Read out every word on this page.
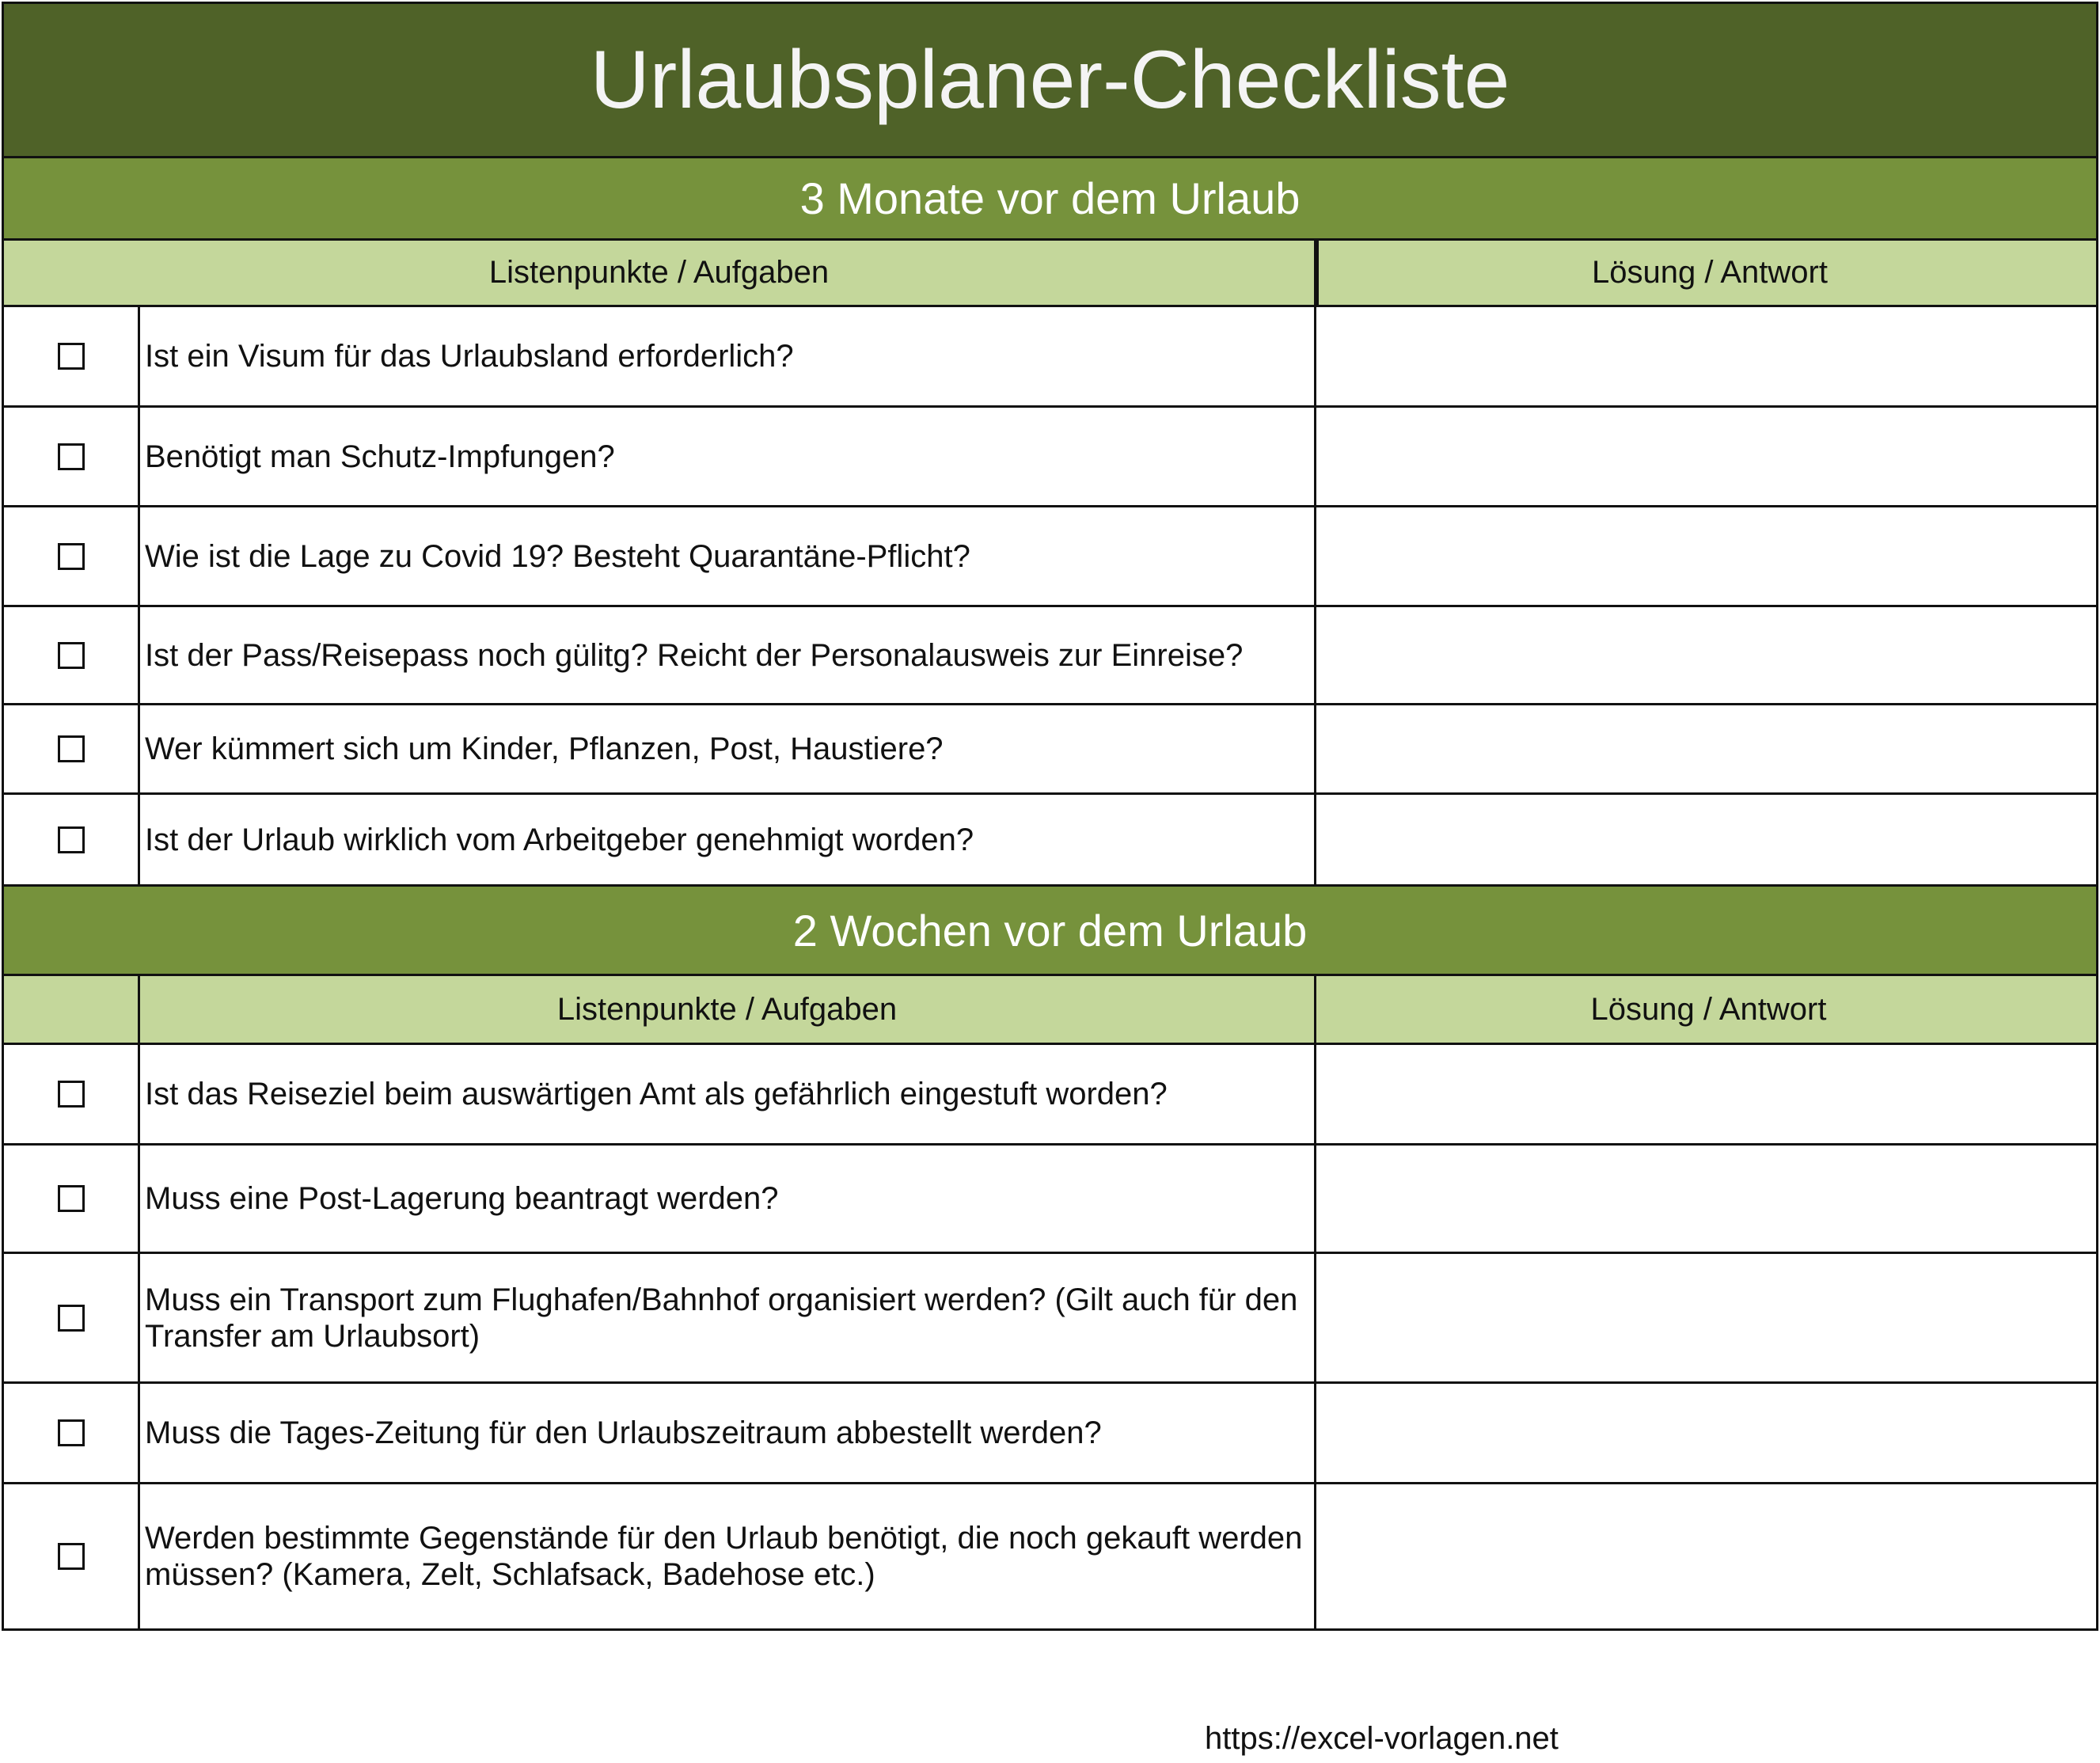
Urlaubsplaner-Checkliste
3 Monate vor dem Urlaub
Listenpunkte / Aufgaben	Lösung / Antwort
Ist ein Visum für das Urlaubsland erforderlich?
Benötigt man Schutz-Impfungen?
Wie ist die Lage zu Covid 19? Besteht Quarantäne-Pflicht?
Ist der Pass/Reisepass noch gülitg? Reicht der Personalausweis zur Einreise?
Wer kümmert sich um Kinder, Pflanzen, Post, Haustiere?
Ist der Urlaub wirklich vom Arbeitgeber genehmigt worden?
2 Wochen vor dem Urlaub
Listenpunkte / Aufgaben	Lösung / Antwort
Ist das Reiseziel beim auswärtigen Amt als gefährlich eingestuft worden?
Muss eine Post-Lagerung beantragt werden?
Muss ein Transport zum Flughafen/Bahnhof organisiert werden? (Gilt auch für den Transfer am Urlaubsort)
Muss die Tages-Zeitung für den Urlaubszeitraum abbestellt werden?
Werden bestimmte Gegenstände für den Urlaub benötigt, die noch gekauft werden müssen? (Kamera, Zelt, Schlafsack, Badehose etc.)
https://excel-vorlagen.net
